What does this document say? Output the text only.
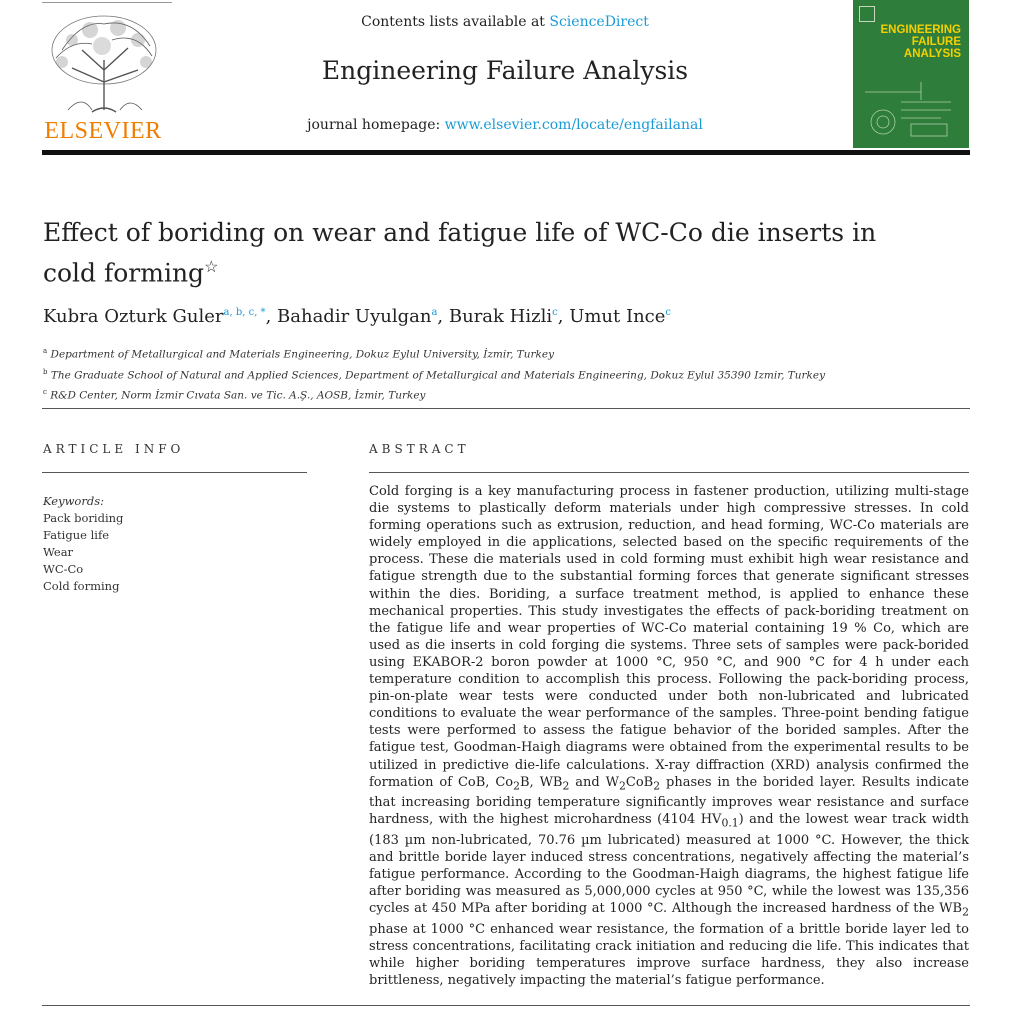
ELSEVIER
Contents lists available at ScienceDirect
Engineering Failure Analysis
journal homepage: www.elsevier.com/locate/engfailanal
ENGINEERING
FAILURE
ANALYSIS
Effect of boriding on wear and fatigue life of WC-Co die inserts in
cold forming☆
Kubra Ozturk Guler$^{a, b, c, *}$, Bahadir Uyulgan$^a$, Burak Hizli$^c$, Umut Ince$^c$
$^a$ Department of Metallurgical and Materials Engineering, Dokuz Eylul University, İzmir, Turkey
$^b$ The Graduate School of Natural and Applied Sciences, Department of Metallurgical and Materials Engineering, Dokuz Eylul 35390 Izmir, Turkey
$^c$ R&D Center, Norm İzmir Cıvata San. ve Tic. A.Ş., AOSB, İzmir, Turkey
ARTICLE INFO
Keywords:
Pack boriding
Fatigue life
Wear
WC-Co
Cold forming
ABSTRACT
Cold forging is a key manufacturing process in fastener production, utilizing multi-stage die systems to plastically deform materials under high compressive stresses. In cold forming operations such as extrusion, reduction, and head forming, WC-Co materials are widely employed in die applications, selected based on the specific requirements of the process. These die materials used in cold forming must exhibit high wear resistance and fatigue strength due to the substantial forming forces that generate significant stresses within the dies. Boriding, a surface treatment method, is applied to enhance these mechanical properties. This study investigates the effects of pack-boriding treatment on the fatigue life and wear properties of WC-Co material containing 19 % Co, which are used as die inserts in cold forging die systems. Three sets of samples were pack-borided using EKABOR-2 boron powder at 1000 °C, 950 °C, and 900 °C for 4 h under each temperature condition to accomplish this process. Following the pack-boriding process, pin-on-plate wear tests were conducted under both non-lubricated and lubricated conditions to evaluate the wear performance of the samples. Three-point bending fatigue tests were performed to assess the fatigue behavior of the borided samples. After the fatigue test, Goodman-Haigh diagrams were obtained from the experimental results to be utilized in predictive die-life calculations. X-ray diffraction (XRD) analysis confirmed the formation of CoB, $Co_2B$, $WB_2$ and $W_2CoB_2$ phases in the borided layer. Results indicate that increasing boriding temperature significantly improves wear resistance and surface hardness, with the highest microhardness (4104 $HV_{0.1}$) and the lowest wear track width (183 µm non-lubricated, 70.76 µm lubricated) measured at 1000 °C. However, the thick and brittle boride layer induced stress concentrations, negatively affecting the material’s fatigue performance. According to the Goodman-Haigh diagrams, the highest fatigue life after boriding was measured as 5,000,000 cycles at 950 °C, while the lowest was 135,356 cycles at 450 MPa after boriding at 1000 °C. Although the increased hardness of the $WB_2$ phase at 1000 °C enhanced wear resistance, the formation of a brittle boride layer led to stress concentrations, facilitating crack initiation and reducing die life. This indicates that while higher boriding temperatures improve surface hardness, they also increase brittleness, negatively impacting the material’s fatigue performance.
